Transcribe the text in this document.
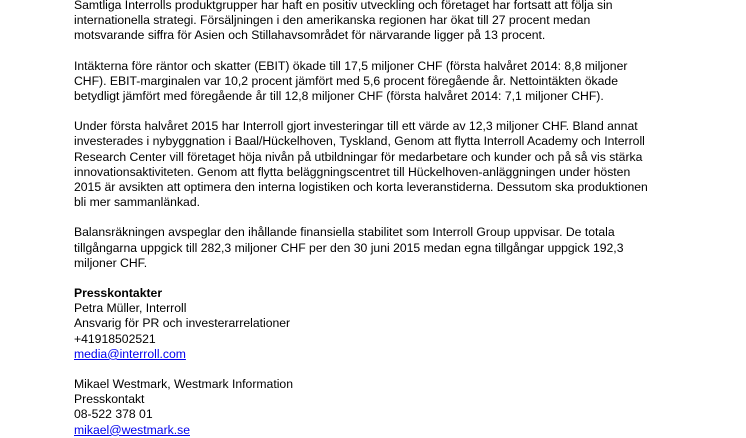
Samtliga Interrolls produktgrupper har haft en positiv utveckling och företaget har fortsatt att följa sin
internationella strategi. Försäljningen i den amerikanska regionen har ökat till 27 procent medan
motsvarande siffra för Asien och Stillahavsområdet för närvarande ligger på 13 procent.

Intäkterna före räntor och skatter (EBIT) ökade till 17,5 miljoner CHF (första halvåret 2014: 8,8 miljoner
CHF). EBIT-marginalen var 10,2 procent jämfört med 5,6 procent föregående år. Nettointäkten ökade
betydligt jämfört med föregående år till 12,8 miljoner CHF (första halvåret 2014: 7,1 miljoner CHF).

Under första halvåret 2015 har Interroll gjort investeringar till ett värde av 12,3 miljoner CHF. Bland annat
investerades i nybyggnation i Baal/Hückelhoven, Tyskland, Genom att flytta Interroll Academy och Interroll
Research Center vill företaget höja nivån på utbildningar för medarbetare och kunder och på så vis stärka
innovationsaktiviteten. Genom att flytta beläggningscentret till Hückelhoven-anläggningen under hösten
2015 är avsikten att optimera den interna logistiken och korta leveranstiderna. Dessutom ska produktionen
bli mer sammanlänkad.

Balansräkningen avspeglar den ihållande finansiella stabilitet som Interroll Group uppvisar. De totala
tillgångarna uppgick till 282,3 miljoner CHF per den 30 juni 2015 medan egna tillgångar uppgick 192,3
miljoner CHF.

Presskontakter
Petra Müller, Interroll
Ansvarig för PR och investerarrelationer
+41918502521
media@interroll.com
Mikael Westmark, Westmark Information
Presskontakt
08-522 378 01
mikael@westmark.se
